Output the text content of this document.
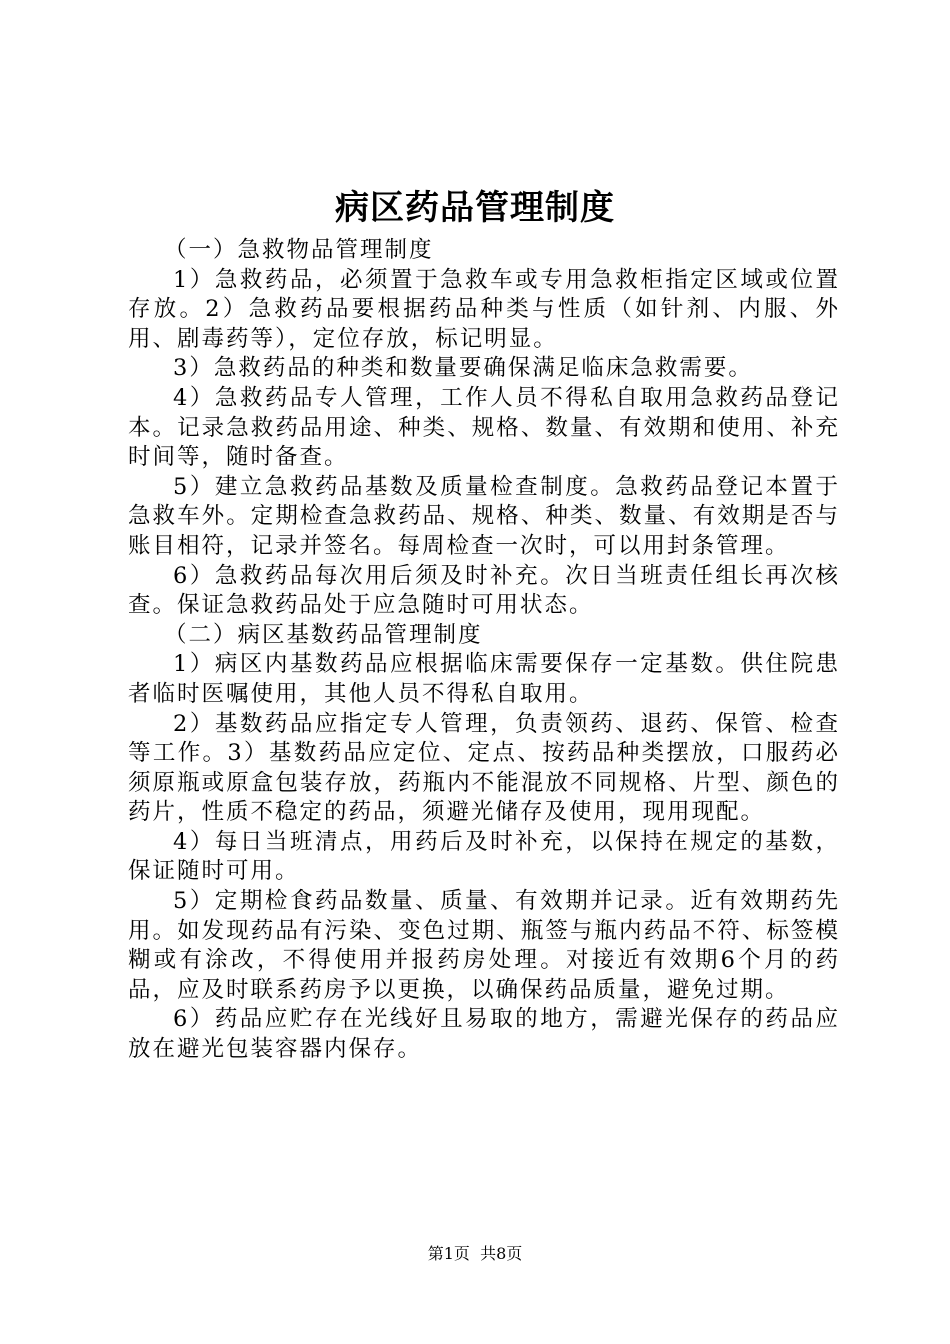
病区药品管理制度

（一）急救物品管理制度

1）急救药品，必须置于急救车或专用急救柜指定区域或位置存放。2）急救药品要根据药品种类与性质（如针剂、内服、外用、剧毒药等），定位存放，标记明显。

3）急救药品的种类和数量要确保满足临床急救需要。

4）急救药品专人管理，工作人员不得私自取用急救药品登记本。记录急救药品用途、种类、规格、数量、有效期和使用、补充时间等，随时备查。

5）建立急救药品基数及质量检查制度。急救药品登记本置于急救车外。定期检查急救药品、规格、种类、数量、有效期是否与账目相符，记录并签名。每周检查一次时，可以用封条管理。

6）急救药品每次用后须及时补充。次日当班责任组长再次核查。保证急救药品处于应急随时可用状态。

（二）病区基数药品管理制度

1）病区内基数药品应根据临床需要保存一定基数。供住院患者临时医嘱使用，其他人员不得私自取用。

2）基数药品应指定专人管理，负责领药、退药、保管、检查等工作。3）基数药品应定位、定点、按药品种类摆放，口服药必须原瓶或原盒包装存放，药瓶内不能混放不同规格、片型、颜色的药片，性质不稳定的药品，须避光储存及使用，现用现配。

4）每日当班清点，用药后及时补充，以保持在规定的基数，保证随时可用。

5）定期检食药品数量、质量、有效期并记录。近有效期药先用。如发现药品有污染、变色过期、瓶签与瓶内药品不符、标签模糊或有涂改，不得使用并报药房处理。对接近有效期6个月的药品，应及时联系药房予以更换，以确保药品质量，避免过期。

6）药品应贮存在光线好且易取的地方，需避光保存的药品应放在避光包装容器内保存。

第1页 共8页
